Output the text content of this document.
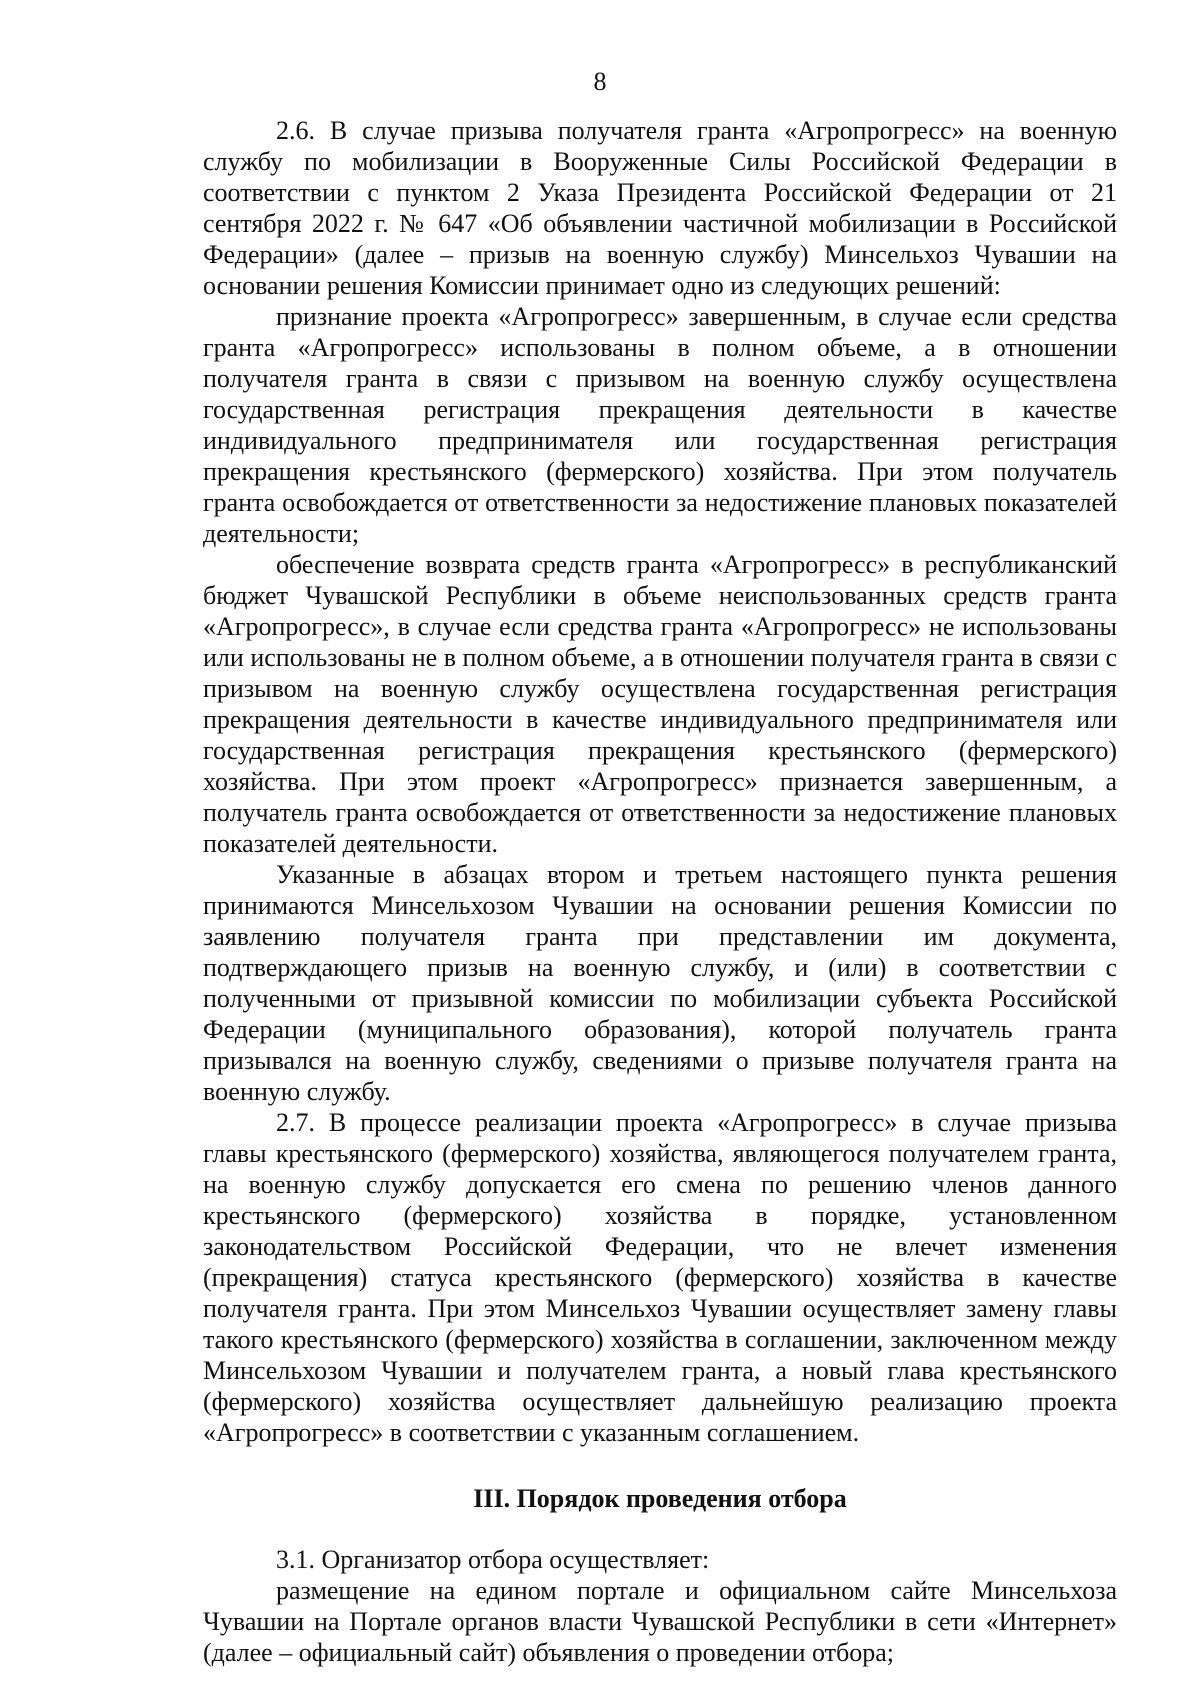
8

2.6. В случае призыва получателя гранта «Агропрогресс» на военную службу по мобилизации в Вооруженные Силы Российской Федерации в соответствии с пунктом 2 Указа Президента Российской Федерации от 21 сентября 2022 г. № 647 «Об объявлении частичной мобилизации в Российской Федерации» (далее – призыв на военную службу) Минсельхоз Чувашии на основании решения Комиссии принимает одно из следующих решений:

признание проекта «Агропрогресс» завершенным, в случае если средства гранта «Агропрогресс» использованы в полном объеме, а в отношении получателя гранта в связи с призывом на военную службу осуществлена государственная регистрация прекращения деятельности в качестве индивидуального предпринимателя или государственная регистрация прекращения крестьянского (фермерского) хозяйства. При этом получатель гранта освобождается от ответственности за недостижение плановых показателей деятельности;

обеспечение возврата средств гранта «Агропрогресс» в республиканский бюджет Чувашской Республики в объеме неиспользованных средств гранта «Агропрогресс», в случае если средства гранта «Агропрогресс» не использованы или использованы не в полном объеме, а в отношении получателя гранта в связи с призывом на военную службу осуществлена государственная регистрация прекращения деятельности в качестве индивидуального предпринимателя или государственная регистрация прекращения крестьянского (фермерского) хозяйства. При этом проект «Агропрогресс» признается завершенным, а получатель гранта освобождается от ответственности за недостижение плановых показателей деятельности.

Указанные в абзацах втором и третьем настоящего пункта решения принимаются Минсельхозом Чувашии на основании решения Комиссии по заявлению получателя гранта при представлении им документа, подтверждающего призыв на военную службу, и (или) в соответствии с полученными от призывной комиссии по мобилизации субъекта Российской Федерации (муниципального образования), которой получатель гранта призывался на военную службу, сведениями о призыве получателя гранта на военную службу.

2.7. В процессе реализации проекта «Агропрогресс» в случае призыва главы крестьянского (фермерского) хозяйства, являющегося получателем гранта, на военную службу допускается его смена по решению членов данного крестьянского (фермерского) хозяйства в порядке, установленном законодательством Российской Федерации, что не влечет изменения (прекращения) статуса крестьянского (фермерского) хозяйства в качестве получателя гранта. При этом Минсельхоз Чувашии осуществляет замену главы такого крестьянского (фермерского) хозяйства в соглашении, заключенном между Минсельхозом Чувашии и получателем гранта, а новый глава крестьянского (фермерского) хозяйства осуществляет дальнейшую реализацию проекта «Агропрогресс» в соответствии с указанным соглашением.

III. Порядок проведения отбора

3.1. Организатор отбора осуществляет:

размещение на едином портале и официальном сайте Минсельхоза Чувашии на Портале органов власти Чувашской Республики в сети «Интернет» (далее – официальный сайт) объявления о проведении отбора;
